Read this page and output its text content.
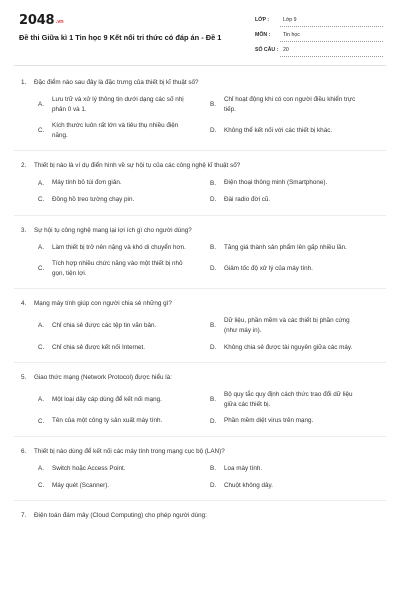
2048.vn
Đề thi Giữa kì 1 Tin học 9 Kết nối tri thức có đáp án - Đề 1
LỚP :	Lớp 9
MÔN : Tin học
SỐ CÂU : 20
1. Đặc điểm nào sau đây là đặc trưng của thiết bị kĩ thuật số?
A.
Lưu trữ và xử lý thông tin dưới dạng các số nhị phân 0 và 1.
B.
Chỉ hoạt động khi có con người điều khiển trực tiếp.
C.
Kích thước luôn rất lớn và tiêu thụ nhiều điện năng.
D.	Không thể kết nối với các thiết bị khác.
2. Thiết bị nào là ví dụ điển hình về sự hội tụ của các công nghệ kĩ thuật số?
A.	Máy tính bỏ túi đơn giản.	B.	Điện thoại thông minh (Smartphone).
C.	Đồng hồ treo tường chạy pin.	D.	Đài radio đời cũ.
3. Sự hội tụ công nghệ mang lại lợi ích gì cho người dùng?
A.	Làm thiết bị trở nên nặng và khó di chuyển hơn.	B.	Tăng giá thành sản phẩm lên gấp nhiều lần.
C.
Tích hợp nhiều chức năng vào một thiết bị nhỏ gọn, tiện lợi.
D.	Giảm tốc độ xử lý của máy tính.
4. Mạng máy tính giúp con người chia sẻ những gì?
A.	Chỉ chia sẻ được các tệp tin văn bản.	B.
Dữ liệu, phần mềm và các thiết bị phần cứng (như máy in).
C.	Chỉ chia sẻ được kết nối Internet.	D.	Không chia sẻ được tài nguyên giữa các máy.
5. Giao thức mạng (Network Protocol) được hiểu là:
A.	Một loại dây cáp dùng để kết nối mạng.	B.
Bộ quy tắc quy định cách thức trao đổi dữ liệu giữa các thiết bị.
C.	Tên của một công ty sản xuất máy tính.	D.	Phần mềm diệt virus trên mạng.
6. Thiết bị nào dùng để kết nối các máy tính trong mạng cục bộ (LAN)?
A.	Switch hoặc Access Point.	B.	Loa máy tính.
C.	Máy quét (Scanner).	D.	Chuột không dây.
7. Điện toán đám mây (Cloud Computing) cho phép người dùng:
